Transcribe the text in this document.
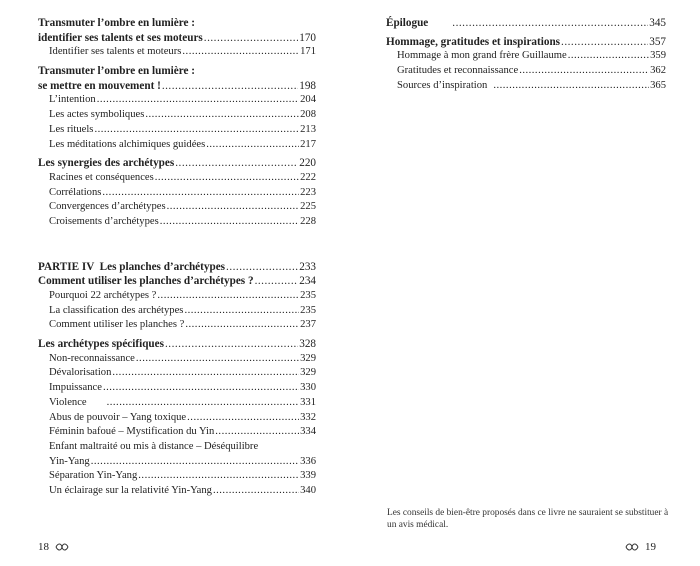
Transmuter l’ombre en lumière :
identifier ses talents et ses moteurs .....	170
Identifier ses talents et moteurs .....	171
Transmuter l’ombre en lumière :
se mettre en mouvement ! .....	198
L’intention .....	204
Les actes symboliques .....	208
Les rituels .....	213
Les méditations alchimiques guidées .....	217
Les synergies des archétypes .....	220
Racines et conséquences .....	222
Corrélations .....	223
Convergences d’archétypes .....	225
Croisements d’archétypes .....	228
PARTIE IV  Les planches d’archétypes .....	233
Comment utiliser les planches d’archétypes ? .....	234
Pourquoi 22 archétypes ? .....	235
La classification des archétypes .....	235
Comment utiliser les planches ? .....	237
Les archétypes spécifiques .....	328
Non-reconnaissance .....	329
Dévalorisation .....	329
Impuissance .....	330
Violence .....	331
Abus de pouvoir – Yang toxique .....	332
Féminin bafoué – Mystification du Yin .....	334
Enfant maltraité ou mis à distance – Déséquilibre
Yin-Yang .....	336
Séparation Yin-Yang .....	339
Un éclairage sur la relativité Yin-Yang .....	340
18
Épilogue .....	345
Hommage, gratitudes et inspirations .....	357
Hommage à mon grand frère Guillaume .....	359
Gratitudes et reconnaissance .....	362
Sources d’inspiration .....	365

Les conseils de bien-être proposés dans ce livre ne sauraient se substituer à un avis médical.

19
